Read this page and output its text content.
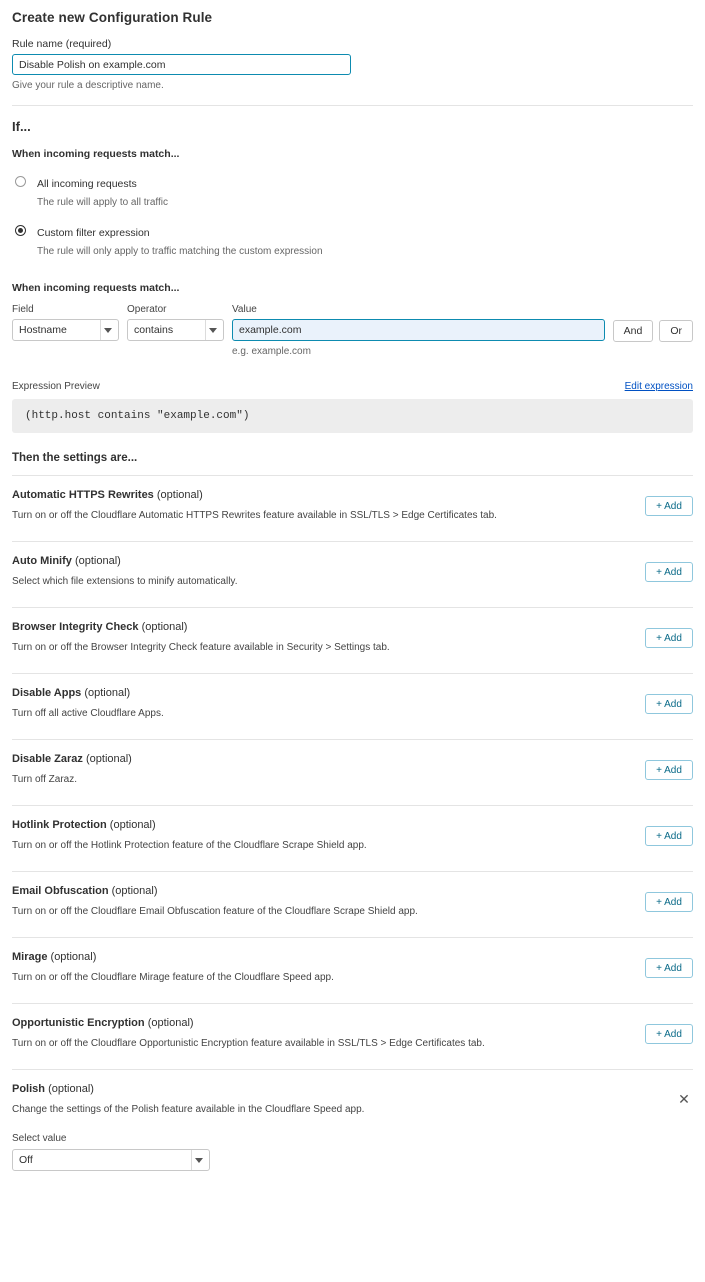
Create new Configuration Rule
Rule name (required)
Disable Polish on example.com
Give your rule a descriptive name.
If...
When incoming requests match...
All incoming requests
The rule will apply to all traffic
Custom filter expression
The rule will only apply to traffic matching the custom expression
When incoming requests match...
Field
Hostname
Operator
contains
Value
example.com
e.g. example.com
And	Or
Expression Preview	Edit expression
(http.host contains "example.com")
Then the settings are...
Automatic HTTPS Rewrites (optional)
Turn on or off the Cloudflare Automatic HTTPS Rewrites feature available in SSL/TLS > Edge Certificates tab.
+ Add
Auto Minify (optional)
Select which file extensions to minify automatically.
+ Add
Browser Integrity Check (optional)
Turn on or off the Browser Integrity Check feature available in Security > Settings tab.
+ Add
Disable Apps (optional)
Turn off all active Cloudflare Apps.
+ Add
Disable Zaraz (optional)
Turn off Zaraz.
+ Add
Hotlink Protection (optional)
Turn on or off the Hotlink Protection feature of the Cloudflare Scrape Shield app.
+ Add
Email Obfuscation (optional)
Turn on or off the Cloudflare Email Obfuscation feature of the Cloudflare Scrape Shield app.
+ Add
Mirage (optional)
Turn on or off the Cloudflare Mirage feature of the Cloudflare Speed app.
+ Add
Opportunistic Encryption (optional)
Turn on or off the Cloudflare Opportunistic Encryption feature available in SSL/TLS > Edge Certificates tab.
+ Add
Polish (optional)
Change the settings of the Polish feature available in the Cloudflare Speed app.
✕
Select value
Off
